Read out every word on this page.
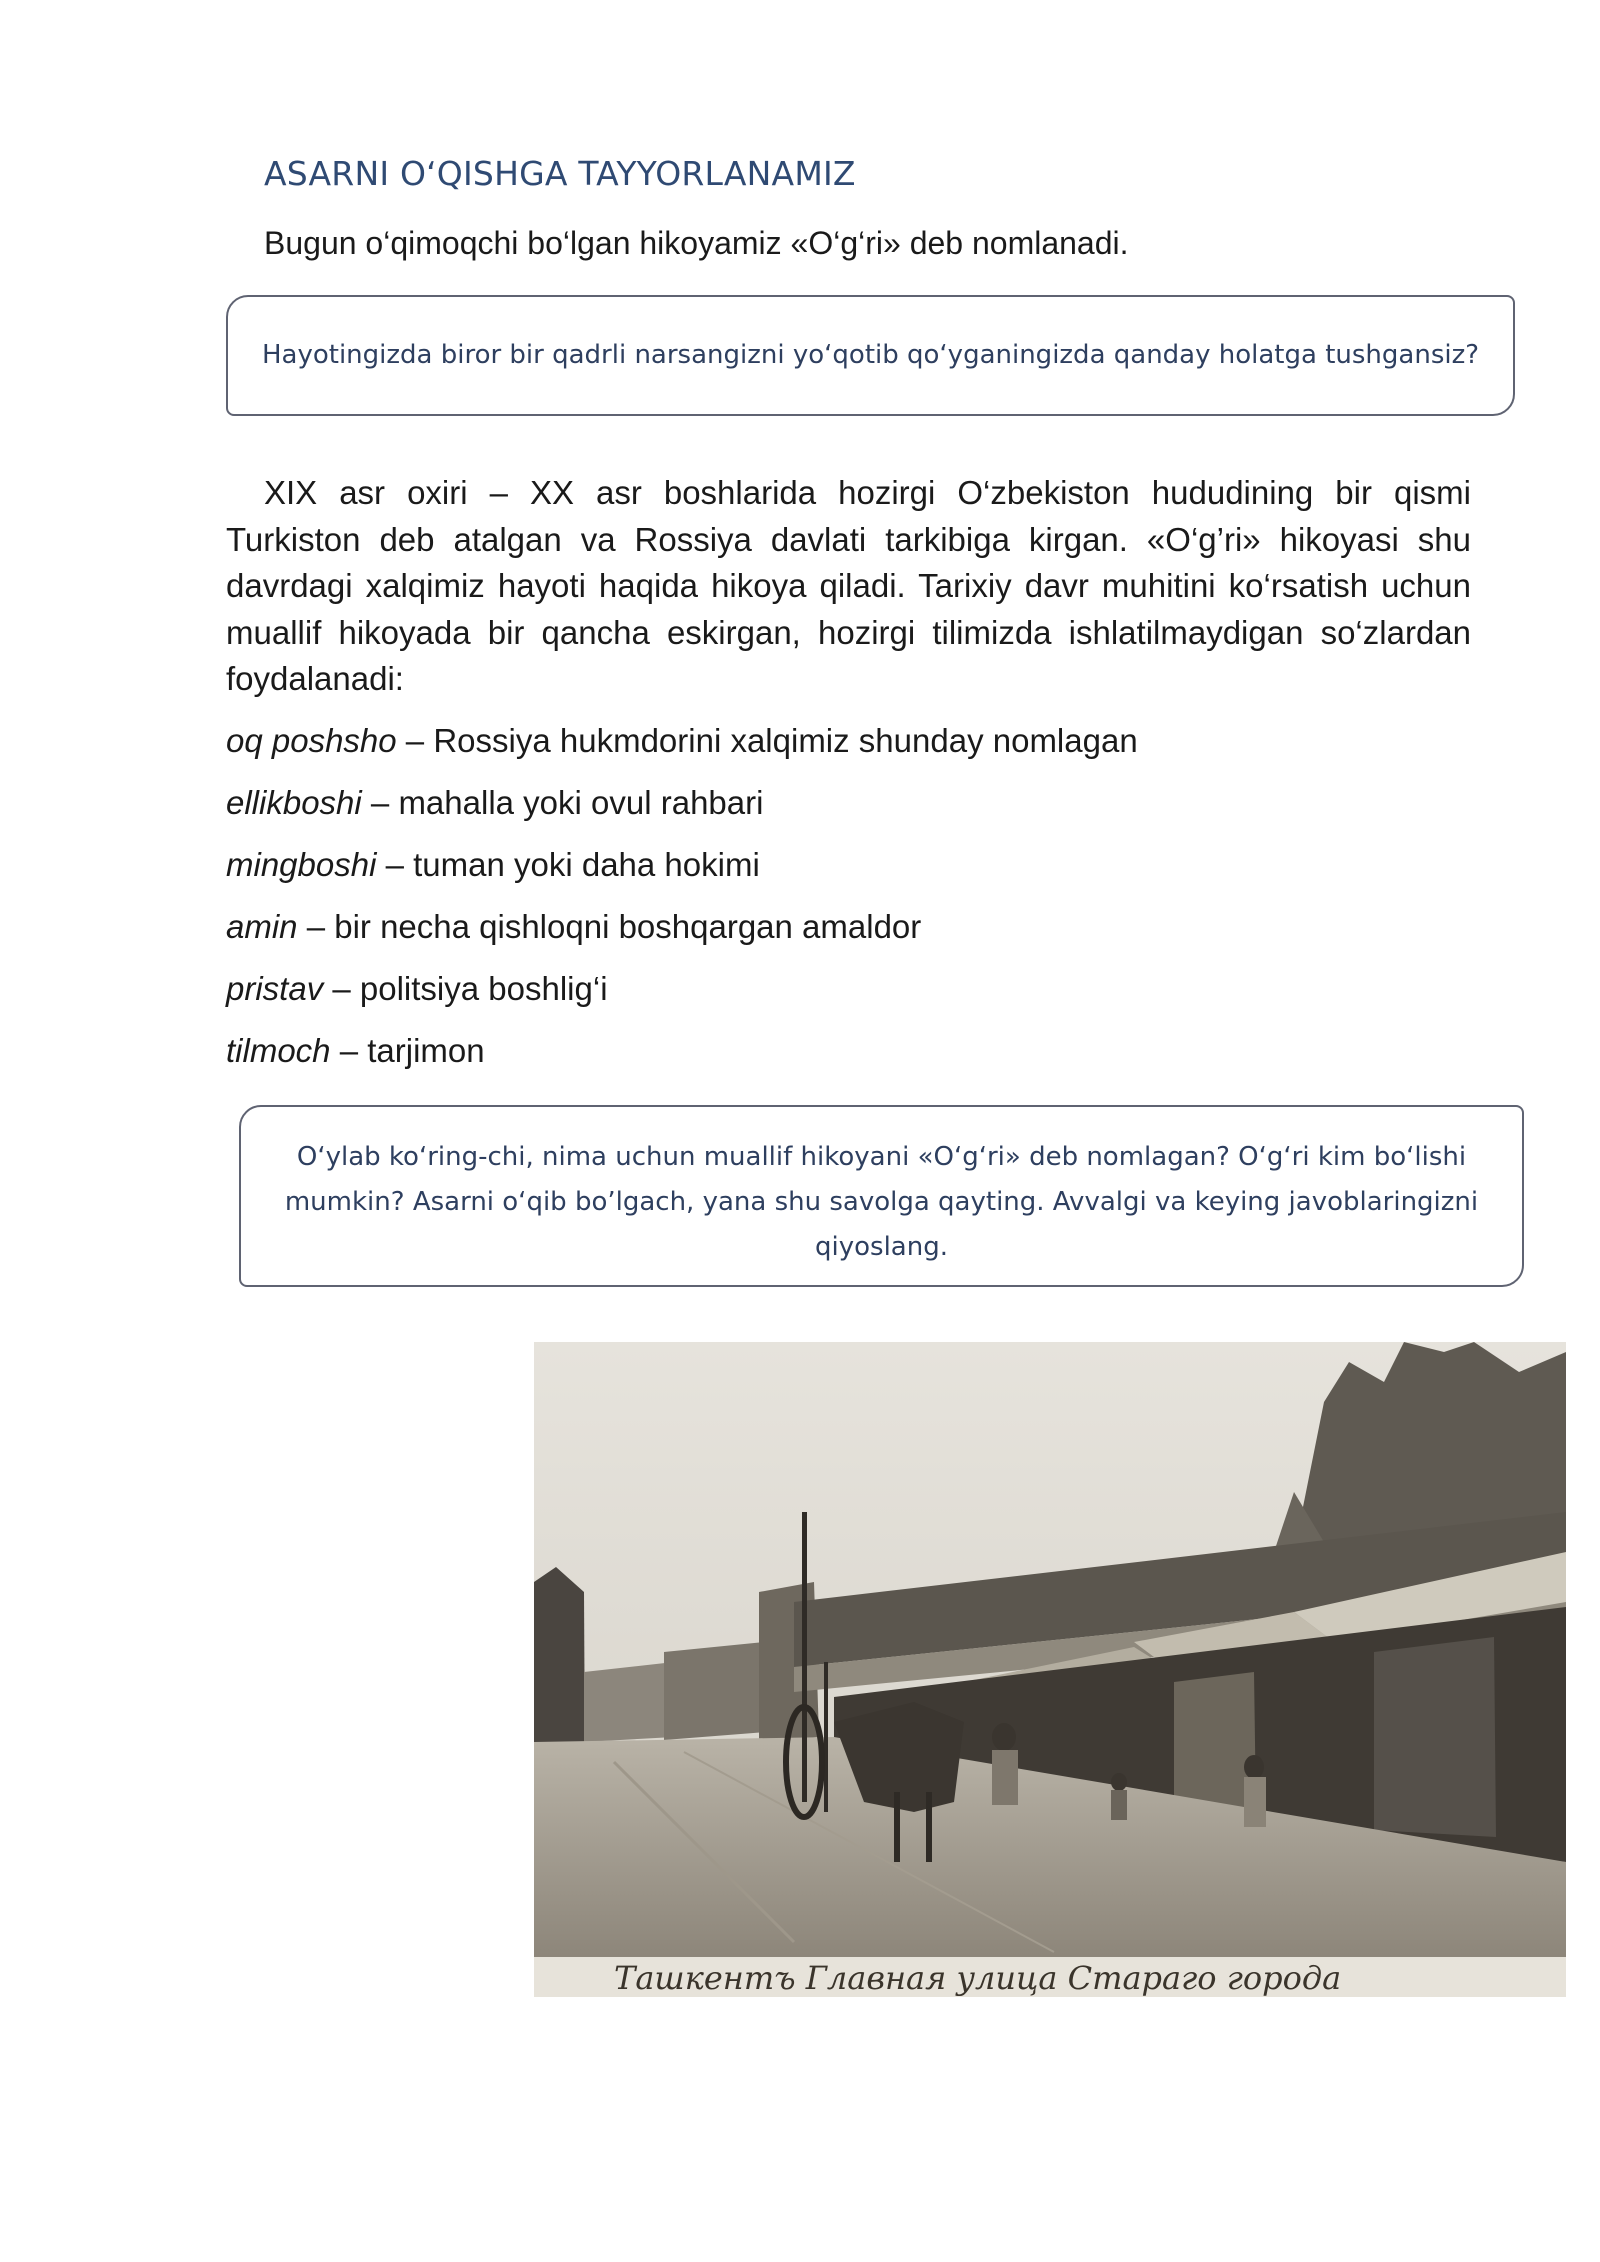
ASARNI O‘QISHGA TAYYORLANAMIZ
Bugun o‘qimoqchi bo‘lgan hikoyamiz «O‘g‘ri» deb nomlanadi.
Hayotingizda biror bir qadrli narsangizni yo‘qotib qo‘yganingizda qanday holatga tushgansiz?

XIX asr oxiri – XX asr boshlarida hozirgi O‘zbekiston hududining bir qismi Turkiston deb atalgan va Rossiya davlati tarkibiga kirgan. «O‘g’ri» hikoyasi shu davrdagi xalqimiz hayoti haqida hikoya qiladi. Tarixiy davr muhitini ko‘rsatish uchun muallif hikoyada bir qancha eskirgan, hozirgi tilimizda ishlatilmaydigan so‘zlardan foydalanadi:

oq poshsho – Rossiya hukmdorini xalqimiz shunday nomlagan
ellikboshi – mahalla yoki ovul rahbari
mingboshi – tuman yoki daha hokimi
amin – bir necha qishloqni boshqargan amaldor
pristav – politsiya boshlig‘i
tilmoch – tarjimon
O‘ylab ko‘ring-chi, nima uchun muallif hikoyani «O‘g‘ri» deb nomlagan? O‘g‘ri kim bo‘lishi mumkin? Asarni o‘qib bo’lgach, yana shu savolga qayting. Avvalgi va keying javoblaringizni qiyoslang.
Ташкентъ Главная улица Стараго города
